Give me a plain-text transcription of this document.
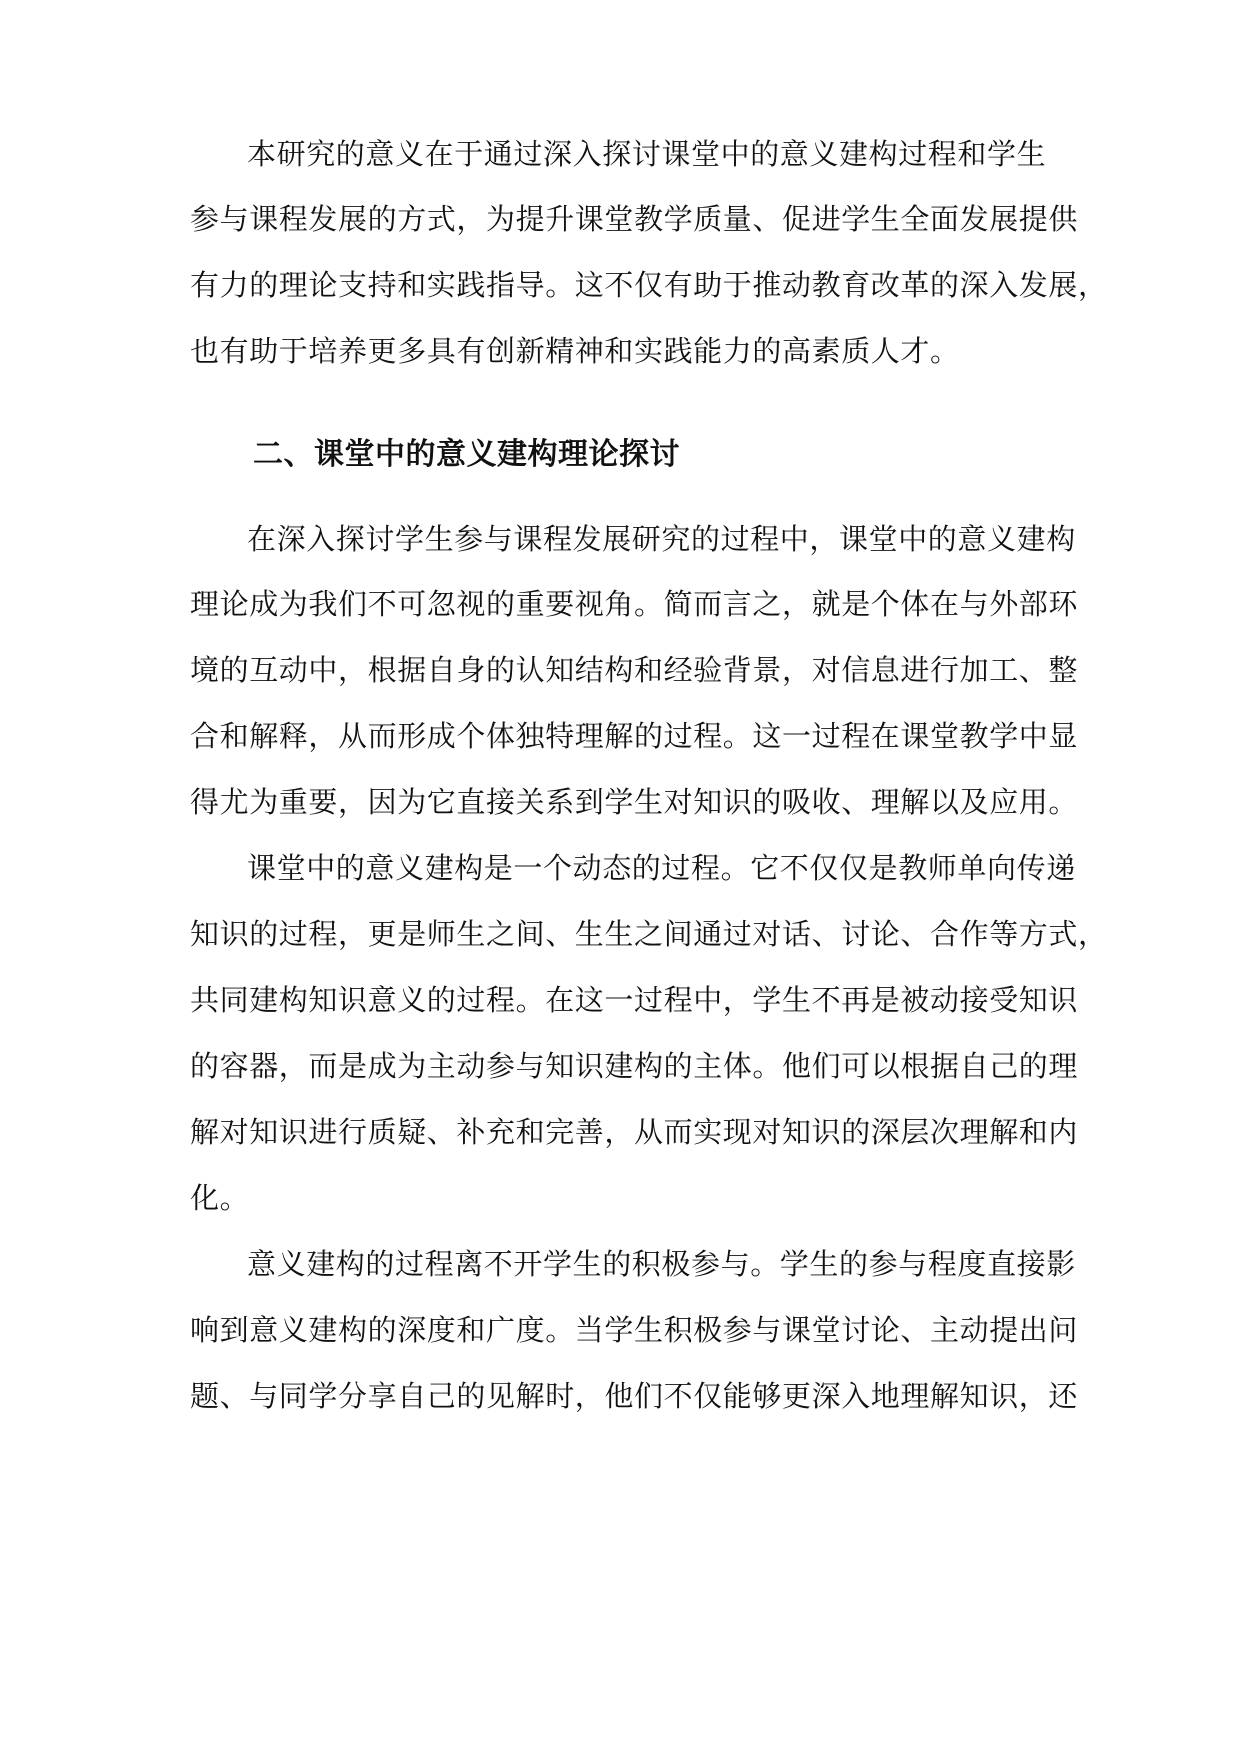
本研究的意义在于通过深入探讨课堂中的意义建构过程和学生
参与课程发展的方式，为提升课堂教学质量、促进学生全面发展提供
有力的理论支持和实践指导。这不仅有助于推动教育改革的深入发展，
也有助于培养更多具有创新精神和实践能力的高素质人才。
二、课堂中的意义建构理论探讨
在深入探讨学生参与课程发展研究的过程中，课堂中的意义建构
理论成为我们不可忽视的重要视角。简而言之，就是个体在与外部环
境的互动中，根据自身的认知结构和经验背景，对信息进行加工、整
合和解释，从而形成个体独特理解的过程。这一过程在课堂教学中显
得尤为重要，因为它直接关系到学生对知识的吸收、理解以及应用。
课堂中的意义建构是一个动态的过程。它不仅仅是教师单向传递
知识的过程，更是师生之间、生生之间通过对话、讨论、合作等方式，
共同建构知识意义的过程。在这一过程中，学生不再是被动接受知识
的容器，而是成为主动参与知识建构的主体。他们可以根据自己的理
解对知识进行质疑、补充和完善，从而实现对知识的深层次理解和内
化。
意义建构的过程离不开学生的积极参与。学生的参与程度直接影
响到意义建构的深度和广度。当学生积极参与课堂讨论、主动提出问
题、与同学分享自己的见解时，他们不仅能够更深入地理解知识，还
